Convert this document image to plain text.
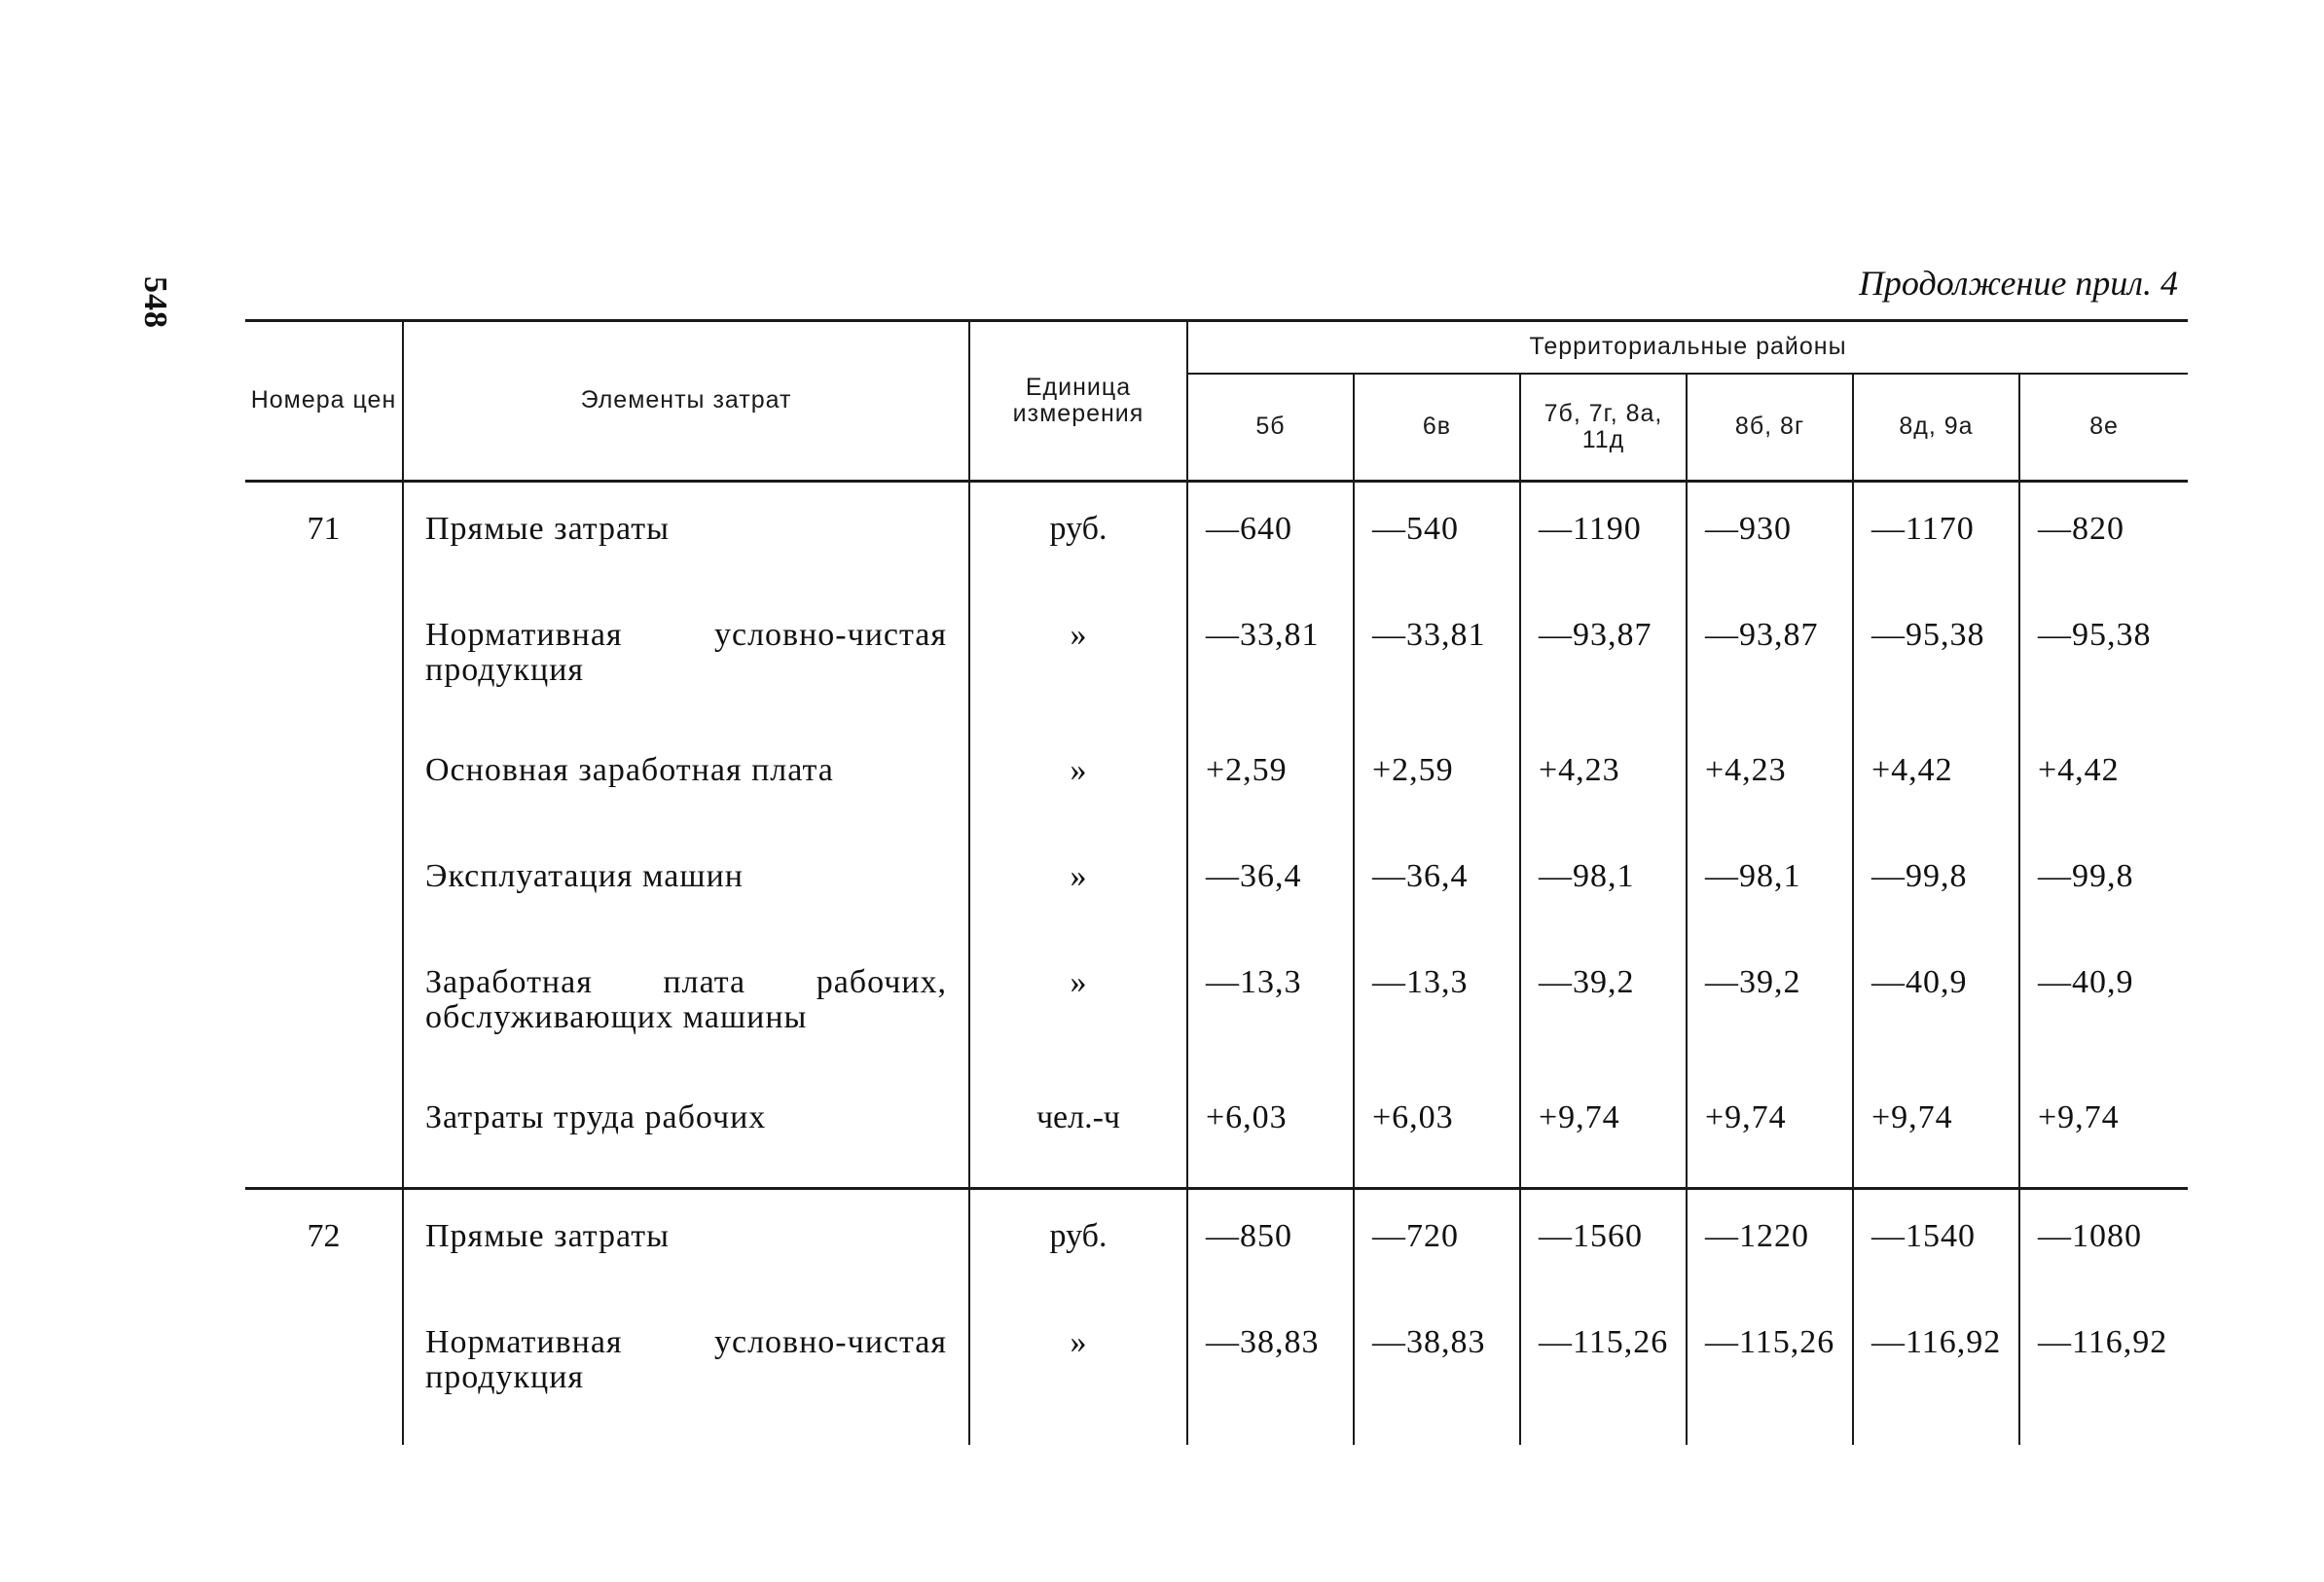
548	Продолжение прил. 4
Номера цен	Элементы затрат	Единица измерения	Территориальные районы					
			5б	6в	7б, 7г, 8а, 11д	8б, 8г	8д, 9а	8е

71	Прямые затраты	руб.	—640	—540	—1190	—930	—1170	—820
	Нормативная условно-чистая продукция	»	—33,81	—33,81	—93,87	—93,87	—95,38	—95,38
	Основная заработная плата	»	+2,59	+2,59	+4,23	+4,23	+4,42	+4,42
	Эксплуатация машин	»	—36,4	—36,4	—98,1	—98,1	—99,8	—99,8
	Заработная плата рабочих, обслуживающих машины	»	—13,3	—13,3	—39,2	—39,2	—40,9	—40,9
	Затраты труда рабочих	чел.-ч	+6,03	+6,03	+9,74	+9,74	+9,74	+9,74

72	Прямые затраты	руб.	—850	—720	—1560	—1220	—1540	—1080
	Нормативная условно-чистая продукция	»	—38,83	—38,83	—115,26	—115,26	—116,92	—116,92
